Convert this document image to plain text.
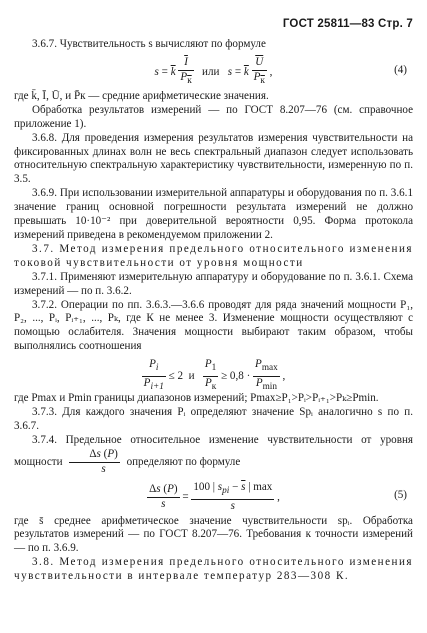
ГОСТ 25811—83 Стр. 7

3.6.7. Чувствительность s вычисляют по формуле

$s = \overline{k} \frac{\overline{I}}{P_к}$ или   $s = \overline{k} \frac{\overline{U}}{P_к}$ ,	(4)

где k̄, Ī, Ū, и P̄к — средние арифметические значения.

Обработка результатов измерений — по ГОСТ 8.207—76 (см. справочное приложение 1).

3.6.8. Для проведения измерения результатов измерения чувствительности на фиксированных длинах волн не весь спектральный диапазон следует использовать относительную спектральную характеристику чувствительности, измеренную по п. 3.5.

3.6.9. При использовании измерительной аппаратуры и оборудования по п. 3.6.1 значение границ основной погрешности результата измерений не должно превышать 10·10⁻² при доверительной вероятности 0,95. Форма протокола измерений приведена в рекомендуемом приложении 2.

3.7. Метод измерения предельного относительного изменения токовой чувствительности от уровня мощности

3.7.1. Применяют измерительную аппаратуру и оборудование по п. 3.6.1. Схема измерений — по п. 3.6.2.

3.7.2. Операции по пп. 3.6.3.—3.6.6 проводят для ряда значений мощности P₁, P₂, ..., Pᵢ, Pᵢ₊₁, ..., Pₖ, где К не менее 3. Изменение мощности осуществляют с помощью ослабителя. Значения мощности выбирают таким образом, чтобы выполнялись соотношения

$\frac{P_i}{P_{i+1}} \le 2$  и $\frac{P_1}{P_к} \ge 0,8 \cdot \frac{P_{max}}{P_{min}}$ ,

где Pmax и Pmin границы диапазонов измерений; Pmax≥P₁>Pᵢ>Pᵢ₊₁>Pₖ≥Pmin.

3.7.3. Для каждого значения Pᵢ определяют значение Spᵢ аналогично s по п. 3.6.7.

3.7.4. Предельное относительное изменение чувствительности от уровня мощности $\frac{\Delta s (P)}{s}$ определяют по формуле

$\frac{\Delta s (P)}{s} = \frac{100 | s_{pi} - \overline{s} | \max}{s}$ ,	(5)

где s̄ среднее арифметическое значение чувствительности spᵢ. Обработка результатов измерений — по ГОСТ 8.207—76. Требования к точности измерений — по п. 3.6.9.

3.8. Метод измерения предельного относительного изменения чувствительности в интервале температур 283—308 К.
